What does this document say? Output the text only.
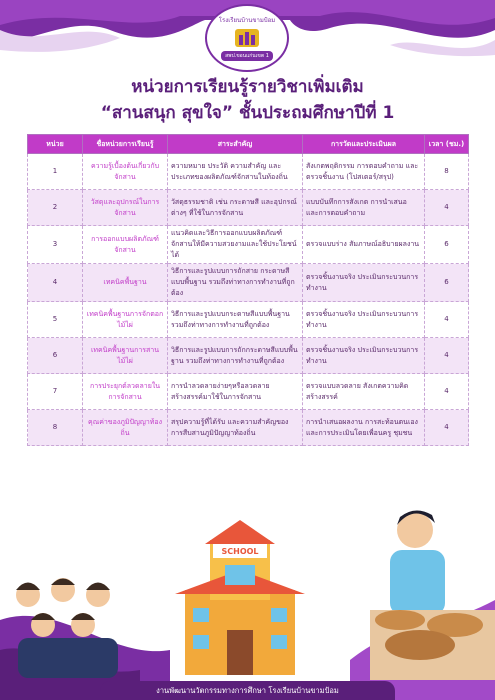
โรงเรียนบ้านขามป้อม
สพป.ขอนแก่นเขต 1
หน่วยการเรียนรู้รายวิชาเพิ่มเติม
“สานสนุก สุขใจ” ชั้นประถมศึกษาปีที่ 1
หน่วย	ชื่อหน่วยการเรียนรู้	สาระสำคัญ	การวัดและประเมินผล	เวลา (ชม.)
1	ความรู้เบื้องต้นเกี่ยวกับจักสาน	ความหมาย ประวัติ ความสำคัญ และประเภทของผลิตภัณฑ์จักสานในท้องถิ่น	สังเกตพฤติกรรม การตอบคำถาม และตรวจชิ้นงาน (โปสเตอร์/สรุป)	8
2	วัสดุและอุปกรณ์ในการจักสาน	วัสดุธรรมชาติ เช่น กระดาษสี และอุปกรณ์ต่างๆ ที่ใช้ในการจักสาน	แบบบันทึกการสังเกต การนำเสนอ และการตอบคำถาม	4
3	การออกแบบผลิตภัณฑ์จักสาน	แนวคิดและวิธีการออกแบบผลิตภัณฑ์จักสานให้มีความสวยงามและใช้ประโยชน์ได้	ตรวจแบบร่าง สัมภาษณ์อธิบายผลงาน	6
4	เทคนิคพื้นฐาน	วิธีการและรูปแบบการถักสาย กระดาษสีแบบพื้นฐาน รวมถึงท่าทางการทำงานที่ถูกต้อง	ตรวจชิ้นงานจริง ประเมินกระบวนการทำงาน	6
5	เทคนิคพื้นฐานการจักตอกไม้ไผ่	วิธีการและรูปแบบกระดาษสีแบบพื้นฐาน รวมถึงท่าทางการทำงานที่ถูกต้อง	ตรวจชิ้นงานจริง ประเมินกระบวนการทำงาน	4
6	เทคนิคพื้นฐานการสานไม้ไผ่	วิธีการและรูปแบบการถักกระดาษสีแบบพื้นฐาน รวมถึงท่าทางการทำงานที่ถูกต้อง	ตรวจชิ้นงานจริง ประเมินกระบวนการทำงาน	4
7	การประยุกต์ลวดลายในการจักสาน	การนำลวดลายง่ายๆหรือลวดลายสร้างสรรค์มาใช้ในการจักสาน	ตรวจแบบลวดลาย สังเกตความคิดสร้างสรรค์	4
8	คุณค่าของภูมิปัญญาท้องถิ่น	สรุปความรู้ที่ได้รับ และความสำคัญของการสืบสานภูมิปัญญาท้องถิ่น	การนำเสนอผลงาน การสะท้อนตนเอง และการประเมินโดยเพื่อนครู ชุมชน	4
SCHOOL
งานพัฒนานวัตกรรมทางการศึกษา โรงเรียนบ้านขามป้อม
